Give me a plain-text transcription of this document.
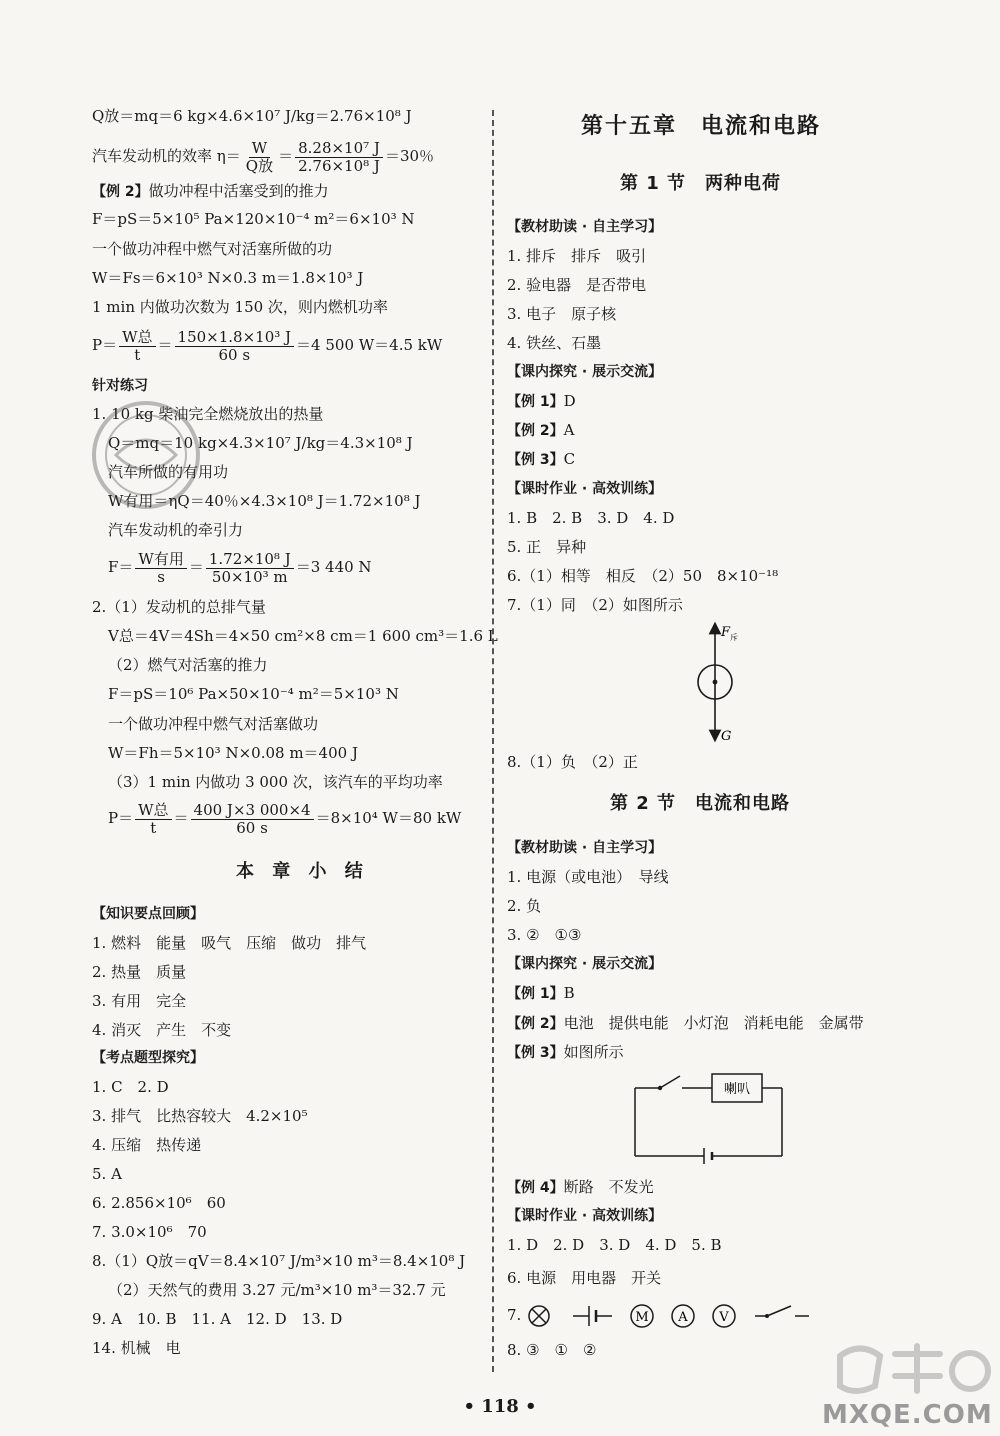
Q放＝mq＝6 kg×4.6×10⁷ J/kg＝2.76×10⁸ J
汽车发动机的效率 $\eta= \frac{W}{\text{Q放}} = \frac{\text{8.28×10⁷ J}}{\text{2.76×10⁸ J}} =30$％
【例 2】做功冲程中活塞受到的推力
F＝pS＝5×10⁵ Pa×120×10⁻⁴ m²＝6×10³ N
一个做功冲程中燃气对活塞所做的功
W＝Fs＝6×10³ N×0.3 m＝1.8×10³ J
1 min 内做功次数为 150 次，则内燃机功率
$P= \frac{\text{W总}}{t} = \frac{\text{150×1.8×10³ J}}{60 s} =4$ 500 W＝4.5 kW
针对练习
1. 10 kg 柴油完全燃烧放出的热量
Q＝mq＝10 kg×4.3×10⁷ J/kg＝4.3×10⁸ J
汽车所做的有用功
W有用＝ηQ＝40％×4.3×10⁸ J＝1.72×10⁸ J
汽车发动机的牵引力
$F= \frac{\text{W有用}}{s} = \frac{\text{1.72×10⁸ J}}{\text{50×10³ m}} =3$ 440 N
2.（1）发动机的总排气量
V总＝4V＝4Sh＝4×50 cm²×8 cm＝1 600 cm³＝1.6 L
（2）燃气对活塞的推力
F＝pS＝10⁶ Pa×50×10⁻⁴ m²＝5×10³ N
一个做功冲程中燃气对活塞做功
W＝Fh＝5×10³ N×0.08 m＝400 J
（3）1 min 内做功 3 000 次，该汽车的平均功率
$P= \frac{\text{W总}}{t} = \frac{400 J\times 3 000\times 4}{60 s} =8\times 10^4$ W＝80 kW
本 章 小 结
【知识要点回顾】
1. 燃料　能量　吸气　压缩　做功　排气
2. 热量　质量
3. 有用　完全
4. 消灭　产生　不变
【考点题型探究】
1. C　2. D
3. 排气　比热容较大　4.2×10⁵
4. 压缩　热传递
5. A
6. 2.856×10⁶　60
7. 3.0×10⁶　70
8.（1）Q放＝qV＝8.4×10⁷ J/m³×10 m³＝8.4×10⁸ J
（2）天然气的费用 3.27 元/m³×10 m³＝32.7 元
9. A　10. B　11. A　12. D　13. D
14. 机械　电
第十五章　电流和电路
第 1 节　两种电荷
【教材助读 · 自主学习】
1. 排斥　排斥　吸引
2. 验电器　是否带电
3. 电子　原子核
4. 铁丝、石墨
【课内探究 · 展示交流】
【例 1】D
【例 2】A
【例 3】C
【课时作业 · 高效训练】
1. B　2. B　3. D　4. D
5. 正　异种
6.（1）相等　相反　（2）50　8×10⁻¹⁸
7.（1）同　（2）如图所示
F 斥
G
8.（1）负　（2）正
第 2 节　电流和电路
【教材助读 · 自主学习】
1. 电源（或电池）　导线
2. 负
3. ②　①③
【课内探究 · 展示交流】
【例 1】B
【例 2】电池　提供电能　小灯泡　消耗电能　金属带
【例 3】如图所示
喇叭
【例 4】断路　不发光
【课时作业 · 高效训练】
1. D　2. D　3. D　4. D　5. B
6. 电源　用电器　开关
7.	M A V
8. ③　①　②
• 118 •	MXQE.COM
